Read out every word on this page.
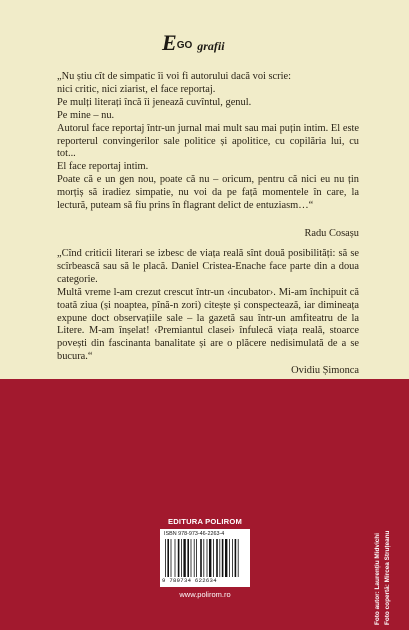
E GO grafii

„Nu știu cît de simpatic îi voi fi autorului dacă voi scrie:

nici critic, nici ziarist, el face reportaj.

Pe mulți literați încă îi jenează cuvîntul, genul.

Pe mine – nu.

Autorul face reportaj într-un jurnal mai mult sau mai puțin intim. El este reporterul convingerilor sale politice și apolitice, cu copilăria lui, cu tot...

El face reportaj intim.

Poate că e un gen nou, poate că nu – oricum, pentru că nici eu nu țin morțiș să iradiez simpatie, nu voi da pe față momentele în care, la lectură, puteam să fiu prins în flagrant delict de entuziasm…“

Radu Cosașu

„Cînd criticii literari se izbesc de viața reală sînt două posibilități: să se scîrbească sau să le placă. Daniel Cristea-Enache face parte din a doua categorie.

Multă vreme l-am crezut crescut într-un ‹incubator›. Mi-am închipuit că toată ziua (și noaptea, pînă-n zori) citește și conspectează, iar dimineața expune doct observațiile sale – la gazetă sau într-un amfiteatru de la Litere. M-am înșelat! ‹Premiantul clasei› înfulecă viața reală, stoarce povești din fascinanta banalitate și are o plăcere nedisimulată de a se bucura.“

Ovidiu Șimonca
EDITURA POLIROM
ISBN 978-973-46-2263-4
9 789734 622634
www.polirom.ro	Foto autor: Laurențiu Midvichi Foto copertă: Mircea Struțeanu
